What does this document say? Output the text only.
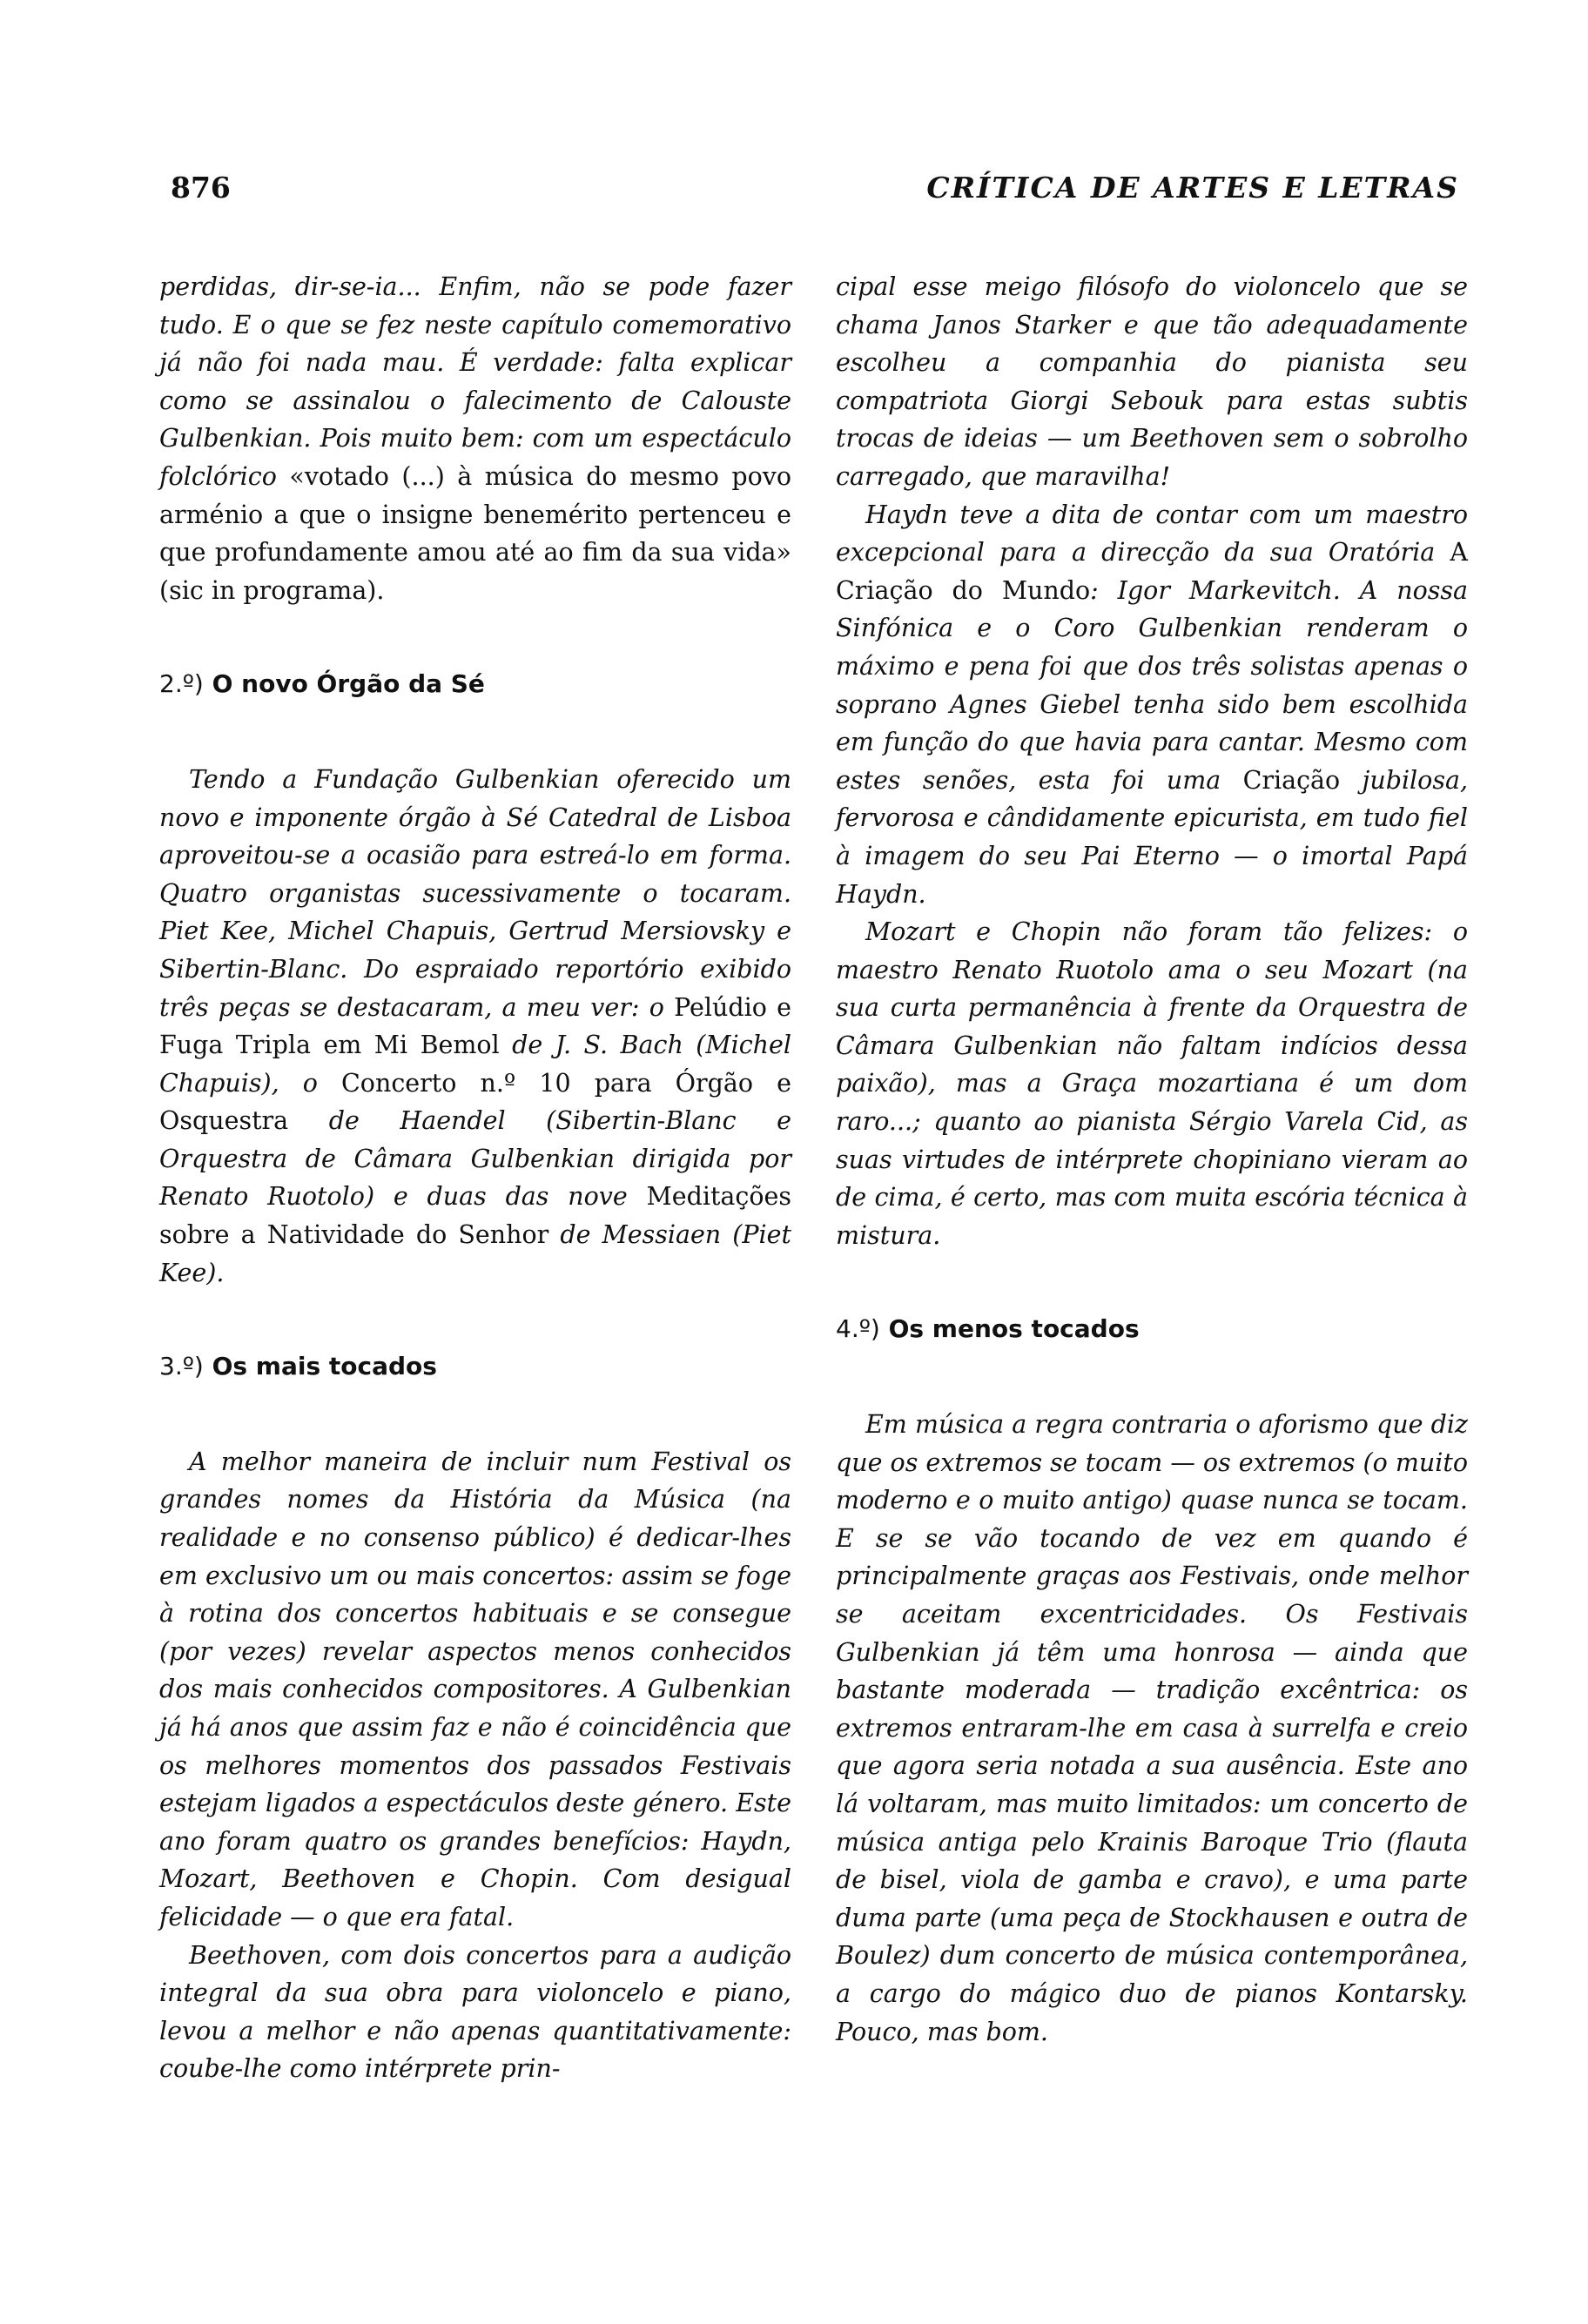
876	CRÍTICA DE ARTES E LETRAS

perdidas, dir-se-ia... Enfim, não se pode fazer tudo. E o que se fez neste capítulo comemorativo já não foi nada mau. É verdade: falta explicar como se assinalou o falecimento de Calouste Gulbenkian. Pois muito bem: com um espectáculo folclórico «votado (...) à música do mesmo povo arménio a que o insigne benemérito pertenceu e que profundamente amou até ao fim da sua vida» (sic in programa).

2.º) O novo Órgão da Sé

Tendo a Fundação Gulbenkian oferecido um novo e imponente órgão à Sé Catedral de Lisboa aproveitou-se a ocasião para estreá-lo em forma. Quatro organistas sucessivamente o tocaram. Piet Kee, Michel Chapuis, Gertrud Mersiovsky e Sibertin-Blanc. Do espraiado reportório exibido três peças se destacaram, a meu ver: o Pelúdio e Fuga Tripla em Mi Bemol de J. S. Bach (Michel Chapuis), o Concerto n.º 10 para Órgão e Osquestra de Haendel (Sibertin-Blanc e Orquestra de Câmara Gulbenkian dirigida por Renato Ruotolo) e duas das nove Meditações sobre a Natividade do Senhor de Messiaen (Piet Kee).

3.º) Os mais tocados

A melhor maneira de incluir num Festival os grandes nomes da História da Música (na realidade e no consenso público) é dedicar-lhes em exclusivo um ou mais concertos: assim se foge à rotina dos concertos habituais e se consegue (por vezes) revelar aspectos menos conhecidos dos mais conhecidos compositores. A Gulbenkian já há anos que assim faz e não é coincidência que os melhores momentos dos passados Festivais estejam ligados a espectáculos deste género. Este ano foram quatro os grandes benefícios: Haydn, Mozart, Beethoven e Chopin. Com desigual felicidade — o que era fatal.

Beethoven, com dois concertos para a audição integral da sua obra para violoncelo e piano, levou a melhor e não apenas quantitativamente: coube-lhe como intérprete prin-

cipal esse meigo filósofo do violoncelo que se chama Janos Starker e que tão adequadamente escolheu a companhia do pianista seu compatriota Giorgi Sebouk para estas subtis trocas de ideias — um Beethoven sem o sobrolho carregado, que maravilha!

Haydn teve a dita de contar com um maestro excepcional para a direcção da sua Oratória A Criação do Mundo: Igor Markevitch. A nossa Sinfónica e o Coro Gulbenkian renderam o máximo e pena foi que dos três solistas apenas o soprano Agnes Giebel tenha sido bem escolhida em função do que havia para cantar. Mesmo com estes senões, esta foi uma Criação jubilosa, fervorosa e cândidamente epicurista, em tudo fiel à imagem do seu Pai Eterno — o imortal Papá Haydn.

Mozart e Chopin não foram tão felizes: o maestro Renato Ruotolo ama o seu Mozart (na sua curta permanência à frente da Orquestra de Câmara Gulbenkian não faltam indícios dessa paixão), mas a Graça mozartiana é um dom raro...; quanto ao pianista Sérgio Varela Cid, as suas virtudes de intérprete chopiniano vieram ao de cima, é certo, mas com muita escória técnica à mistura.

4.º) Os menos tocados

Em música a regra contraria o aforismo que diz que os extremos se tocam — os extremos (o muito moderno e o muito antigo) quase nunca se tocam. E se se vão tocando de vez em quando é principalmente graças aos Festivais, onde melhor se aceitam excentricidades. Os Festivais Gulbenkian já têm uma honrosa — ainda que bastante moderada — tradição excêntrica: os extremos entraram-lhe em casa à surrelfa e creio que agora seria notada a sua ausência. Este ano lá voltaram, mas muito limitados: um concerto de música antiga pelo Krainis Baroque Trio (flauta de bisel, viola de gamba e cravo), e uma parte duma parte (uma peça de Stockhausen e outra de Boulez) dum concerto de música contemporânea, a cargo do mágico duo de pianos Kontarsky. Pouco, mas bom.
